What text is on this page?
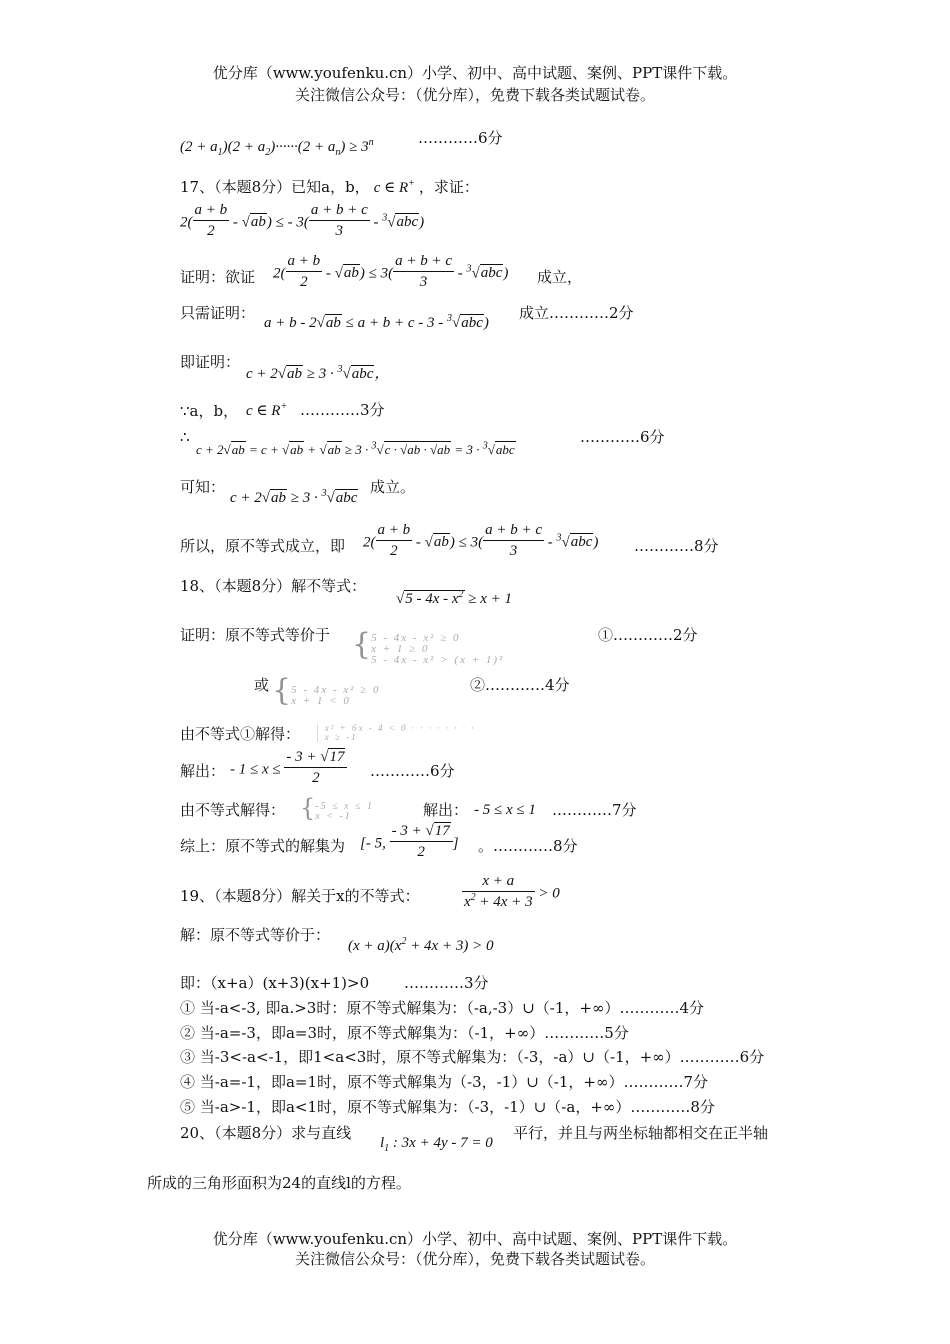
优分库（www.youfenku.cn）小学、初中、高中试题、案例、PPT课件下载。
关注微信公众号：（优分库），免费下载各类试题试卷。
$(2 + a_1)(2 + a_2)\cdot\cdot\cdot\cdot\cdot\cdot(2 + a_n) \ge 3^n$	…………6分
17、（本题8分）已知a，b， c ∈ R+ ，求证：
$2( \frac{a + b}{2} - √ab)$ ≤ - $3( \frac{a + b + c}{3} - ^3√abc)$
证明：欲证 $2( \frac{a + b}{2} - √ab) \le 3( \frac{a + b + c}{3} - ^3√abc)$ 成立，
只需证明：
a + b - 2√ab ≤ a + b + c - 3 - $^3$√abc)
成立…………2分
即证明：
c + 2√ab ≥ 3 · $^3$√abc，
∵a，b， c ∈ R+ …………3分
∴
c + 2√ab = c + √ab + √ab ≥ 3 · $^3$√c · √ab · √ab = 3 · $^3$√abc
…………6分
可知：
c + 2√ab ≥ 3 · $^3$√abc
成立。
所以，原不等式成立，即 $2( \frac{a + b}{2} - √ab) \le 3( \frac{a + b + c}{3} - ^3√abc)$ …………8分
18、（本题8分）解不等式：
$√5 - 4x - x^2 \ge x + 1$
证明：原不等式等价于 {5 - 4x - x² ≥ 0
x + 1 ≥ 0
5 - 4x - x² > (x + 1)²
①…………2分
或 {5 - 4x - x² ≥ 0
x + 1 < 0
②…………4分
由不等式①解得： | x² + 6x - 4 < 0 · · · · · · · ·
| x ≥ -1
解出： - $1 \le x \le \frac{- 3 + √17}{2}$ …………6分
由不等式解得： {-5 ≤ x ≤ 1
x < -1	解出： - 5 ≤ x ≤ 1 …………7分
综上：原不等式的解集为 [- 5, $\frac{- 3 + √17}{2}$ ] 。…………8分
19、（本题8分）解关于x的不等式：	$\frac{x + a}{x^2 + 4x + 3} > 0$
解：原不等式等价于：
$(x + a)(x^2 + 4x + 3) > 0$
即：（x+a）(x+3)(x+1)>0 …………3分
① 当-a<-3, 即a.>3时：原不等式解集为：（-a,-3）∪（-1，+∞）…………4分
② 当-a=-3，即a=3时，原不等式解集为：（-1，+∞）…………5分
③ 当-3<-a<-1，即1<a<3时，原不等式解集为：（-3，-a）∪（-1，+∞）…………6分
④ 当-a=-1，即a=1时，原不等式解集为（-3，-1）∪（-1，+∞）…………7分
⑤ 当-a>-1，即a<1时，原不等式解集为：（-3，-1）∪（-a，+∞）…………8分
20、（本题8分）求与直线
$l_1$ : 3x + 4y - 7 = 0
平行，并且与两坐标轴都相交在正半轴
所成的三角形面积为24的直线l的方程。
优分库（www.youfenku.cn）小学、初中、高中试题、案例、PPT课件下载。
关注微信公众号：（优分库），免费下载各类试题试卷。
